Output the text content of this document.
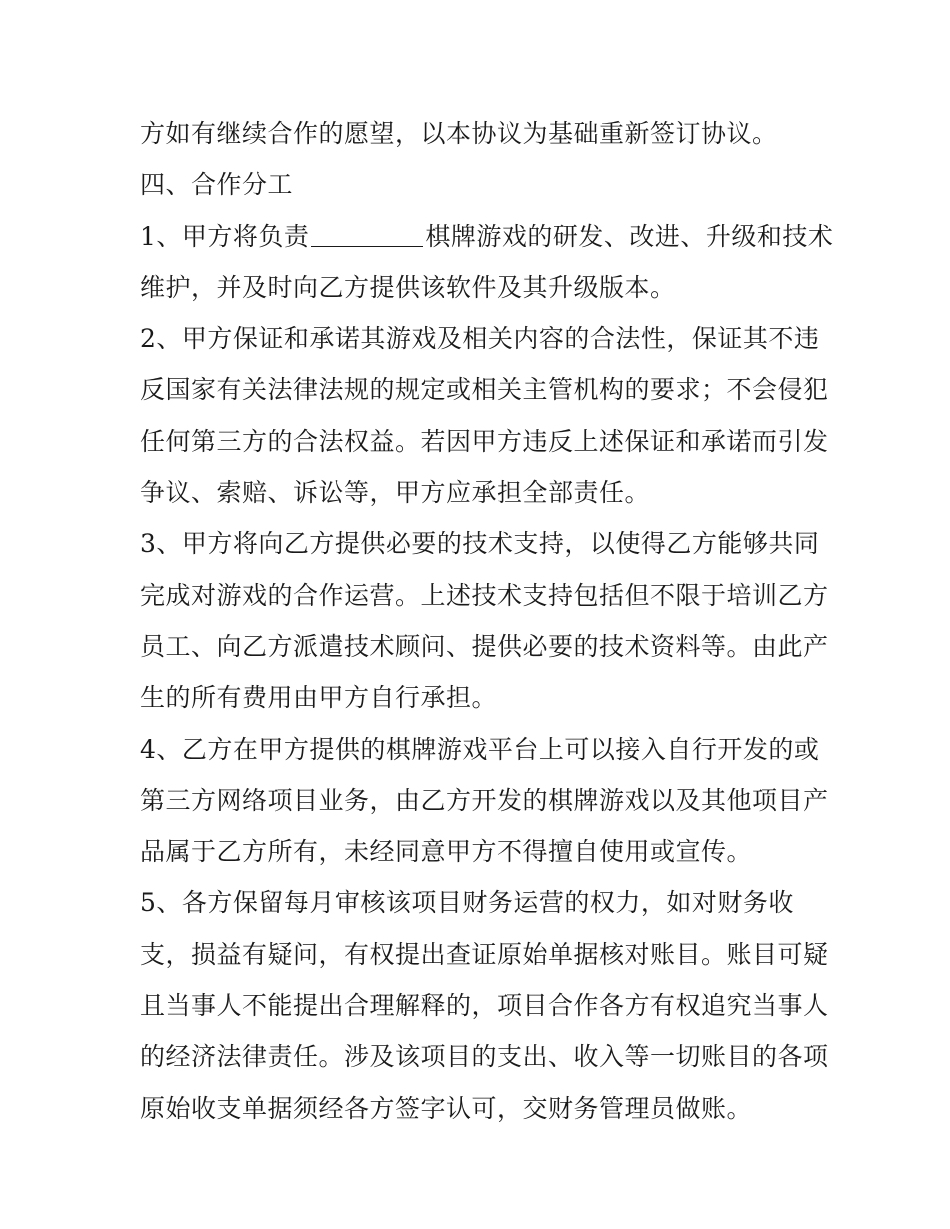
方如有继续合作的愿望，以本协议为基础重新签订协议。
四、合作分工
1、甲方将负责	棋牌游戏的研发、改进、升级和技术
维护，并及时向乙方提供该软件及其升级版本。
2、甲方保证和承诺其游戏及相关内容的合法性，保证其不违
反国家有关法律法规的规定或相关主管机构的要求；不会侵犯
任何第三方的合法权益。若因甲方违反上述保证和承诺而引发
争议、索赔、诉讼等，甲方应承担全部责任。
3、甲方将向乙方提供必要的技术支持，以使得乙方能够共同
完成对游戏的合作运营。上述技术支持包括但不限于培训乙方
员工、向乙方派遣技术顾问、提供必要的技术资料等。由此产
生的所有费用由甲方自行承担。
4、乙方在甲方提供的棋牌游戏平台上可以接入自行开发的或
第三方网络项目业务，由乙方开发的棋牌游戏以及其他项目产
品属于乙方所有，未经同意甲方不得擅自使用或宣传。
5、各方保留每月审核该项目财务运营的权力，如对财务收
支，损益有疑问，有权提出查证原始单据核对账目。账目可疑
且当事人不能提出合理解释的，项目合作各方有权追究当事人
的经济法律责任。涉及该项目的支出、收入等一切账目的各项
原始收支单据须经各方签字认可，交财务管理员做账。
